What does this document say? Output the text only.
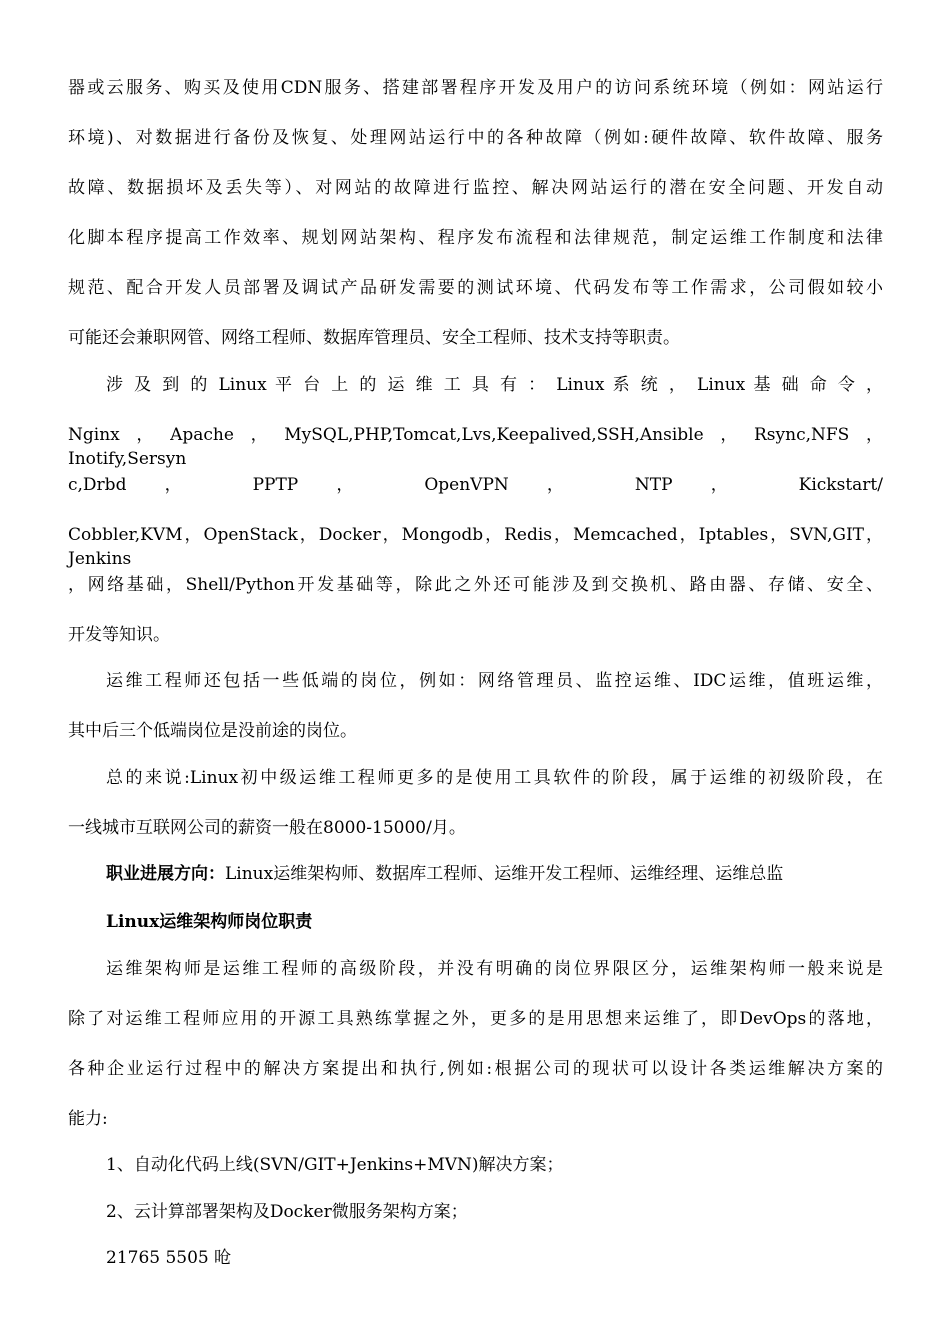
器或云服务、购买及使用CDN服务、搭建部署程序开发及用户的访问系统环境（例如：网站运行
环境)、对数据进行备份及恢复、处理网站运行中的各种故障（例如:硬件故障、软件故障、服务
故障、数据损坏及丢失等）、对网站的故障进行监控、解决网站运行的潜在安全问题、开发自动
化脚本程序提高工作效率、规划网站架构、程序发布流程和法律规范，制定运维工作制度和法律
规范、配合开发人员部署及调试产品研发需要的测试环境、代码发布等工作需求，公司假如较小
可能还会兼职网管、网络工程师、数据库管理员、安全工程师、技术支持等职责。
涉 及 到 的 Linux 平 台 上 的 运 维 工 具 有 ： Linux 系 统 ， Linux 基 础 命 令 ，
Nginx，Apache，MySQL,PHP,Tomcat,Lvs,Keepalived,SSH,Ansible，Rsync,NFS，Inotify,Sersyn
c,Drbd ， PPTP ， OpenVPN ， NTP ， Kickstart/
Cobbler,KVM，OpenStack，Docker，Mongodb，Redis，Memcached，Iptables，SVN,GIT，Jenkins
，网络基础，Shell/Python开发基础等，除此之外还可能涉及到交换机、路由器、存储、安全、
开发等知识。
运维工程师还包括一些低端的岗位，例如：网络管理员、监控运维、IDC运维，值班运维，
其中后三个低端岗位是没前途的岗位。
总的来说:Linux初中级运维工程师更多的是使用工具软件的阶段，属于运维的初级阶段，在
一线城市互联网公司的薪资一般在8000-15000/月。
职业进展方向：Linux运维架构师、数据库工程师、运维开发工程师、运维经理、运维总监
Linux运维架构师岗位职责
运维架构师是运维工程师的高级阶段，并没有明确的岗位界限区分，运维架构师一般来说是
除了对运维工程师应用的开源工具熟练掌握之外，更多的是用思想来运维了，即DevOps的落地，
各种企业运行过程中的解决方案提出和执行,例如:根据公司的现状可以设计各类运维解决方案的
能力:
1、自动化代码上线(SVN/GIT+Jenkins+MVN)解决方案；
2、云计算部署架构及Docker微服务架构方案；
21765 5505 呛
